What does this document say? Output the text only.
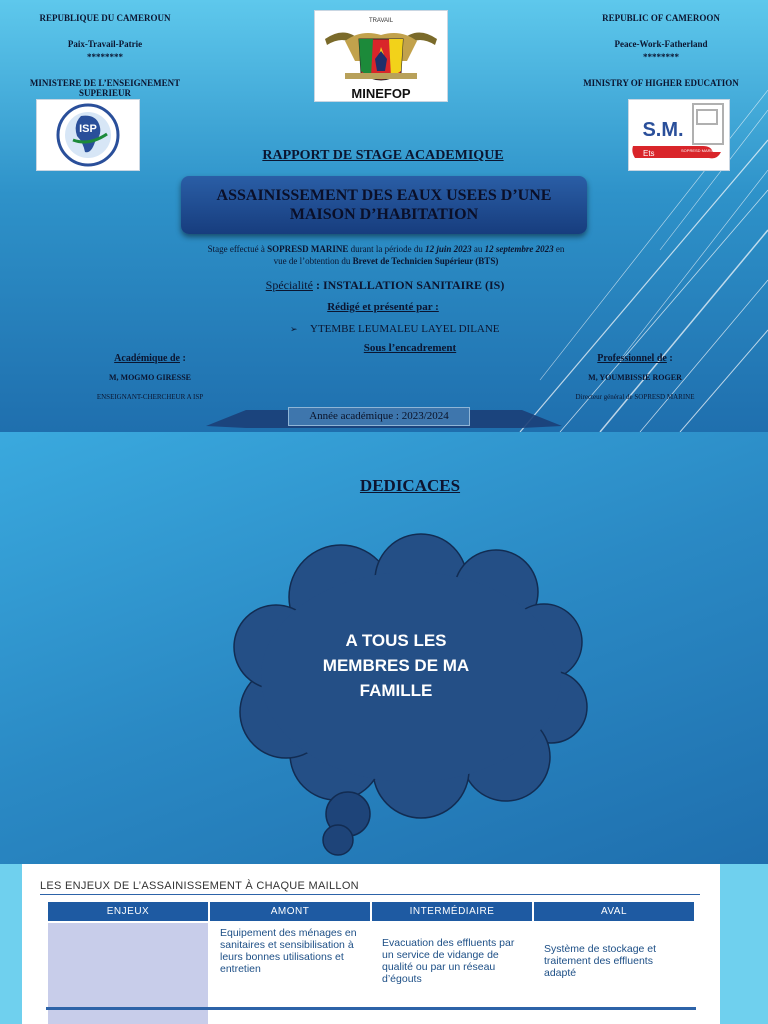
REPUBLIQUE DU CAMEROUN
Paix-Travail-Patrie
********
MINISTERE DE L’ENSEIGNEMENT
SUPERIEUR
REPUBLIC OF CAMEROON
Peace-Work-Fatherland
********
MINISTRY OF HIGHER EDUCATION
TRAVAIL
MINEFOP
ISP	S.M.
Ets	SOPRESD MARINE
RAPPORT DE STAGE ACADEMIQUE
ASSAINISSEMENT DES EAUX USEES D’UNE
MAISON D’HABITATION
Stage effectué à SOPRESD MARINE durant la période du 12 juin 2023 au 12 septembre 2023 en vue de l’obtention du Brevet de Technicien Supérieur (BTS)
Spécialité : INSTALLATION SANITAIRE (IS)
Rédigé et présenté par :
➢ YTEMBE LEUMALEU LAYEL DILANE
Sous l’encadrement
Académique de :
M, MOGMO GIRESSE
ENSEIGNANT-CHERCHEUR A ISP
Professionnel de :
M, YOUMBISSIE ROGER
Directeur général de SOPRESD MARINE
Année académique : 2023/2024
DEDICACES
A TOUS LES
MEMBRES DE MA
FAMILLE
LES ENJEUX DE L’ASSAINISSEMENT À CHAQUE MAILLON
ENJEUX	AMONT	INTERMÉDIAIRE	AVAL
	Equipement des ménages en sanitaires et sensibilisation à leurs bonnes utilisations et entretien	Evacuation des effluents par un service de vidange de qualité ou par un réseau d’égouts	Système de stockage et traitement des effluents adapté
